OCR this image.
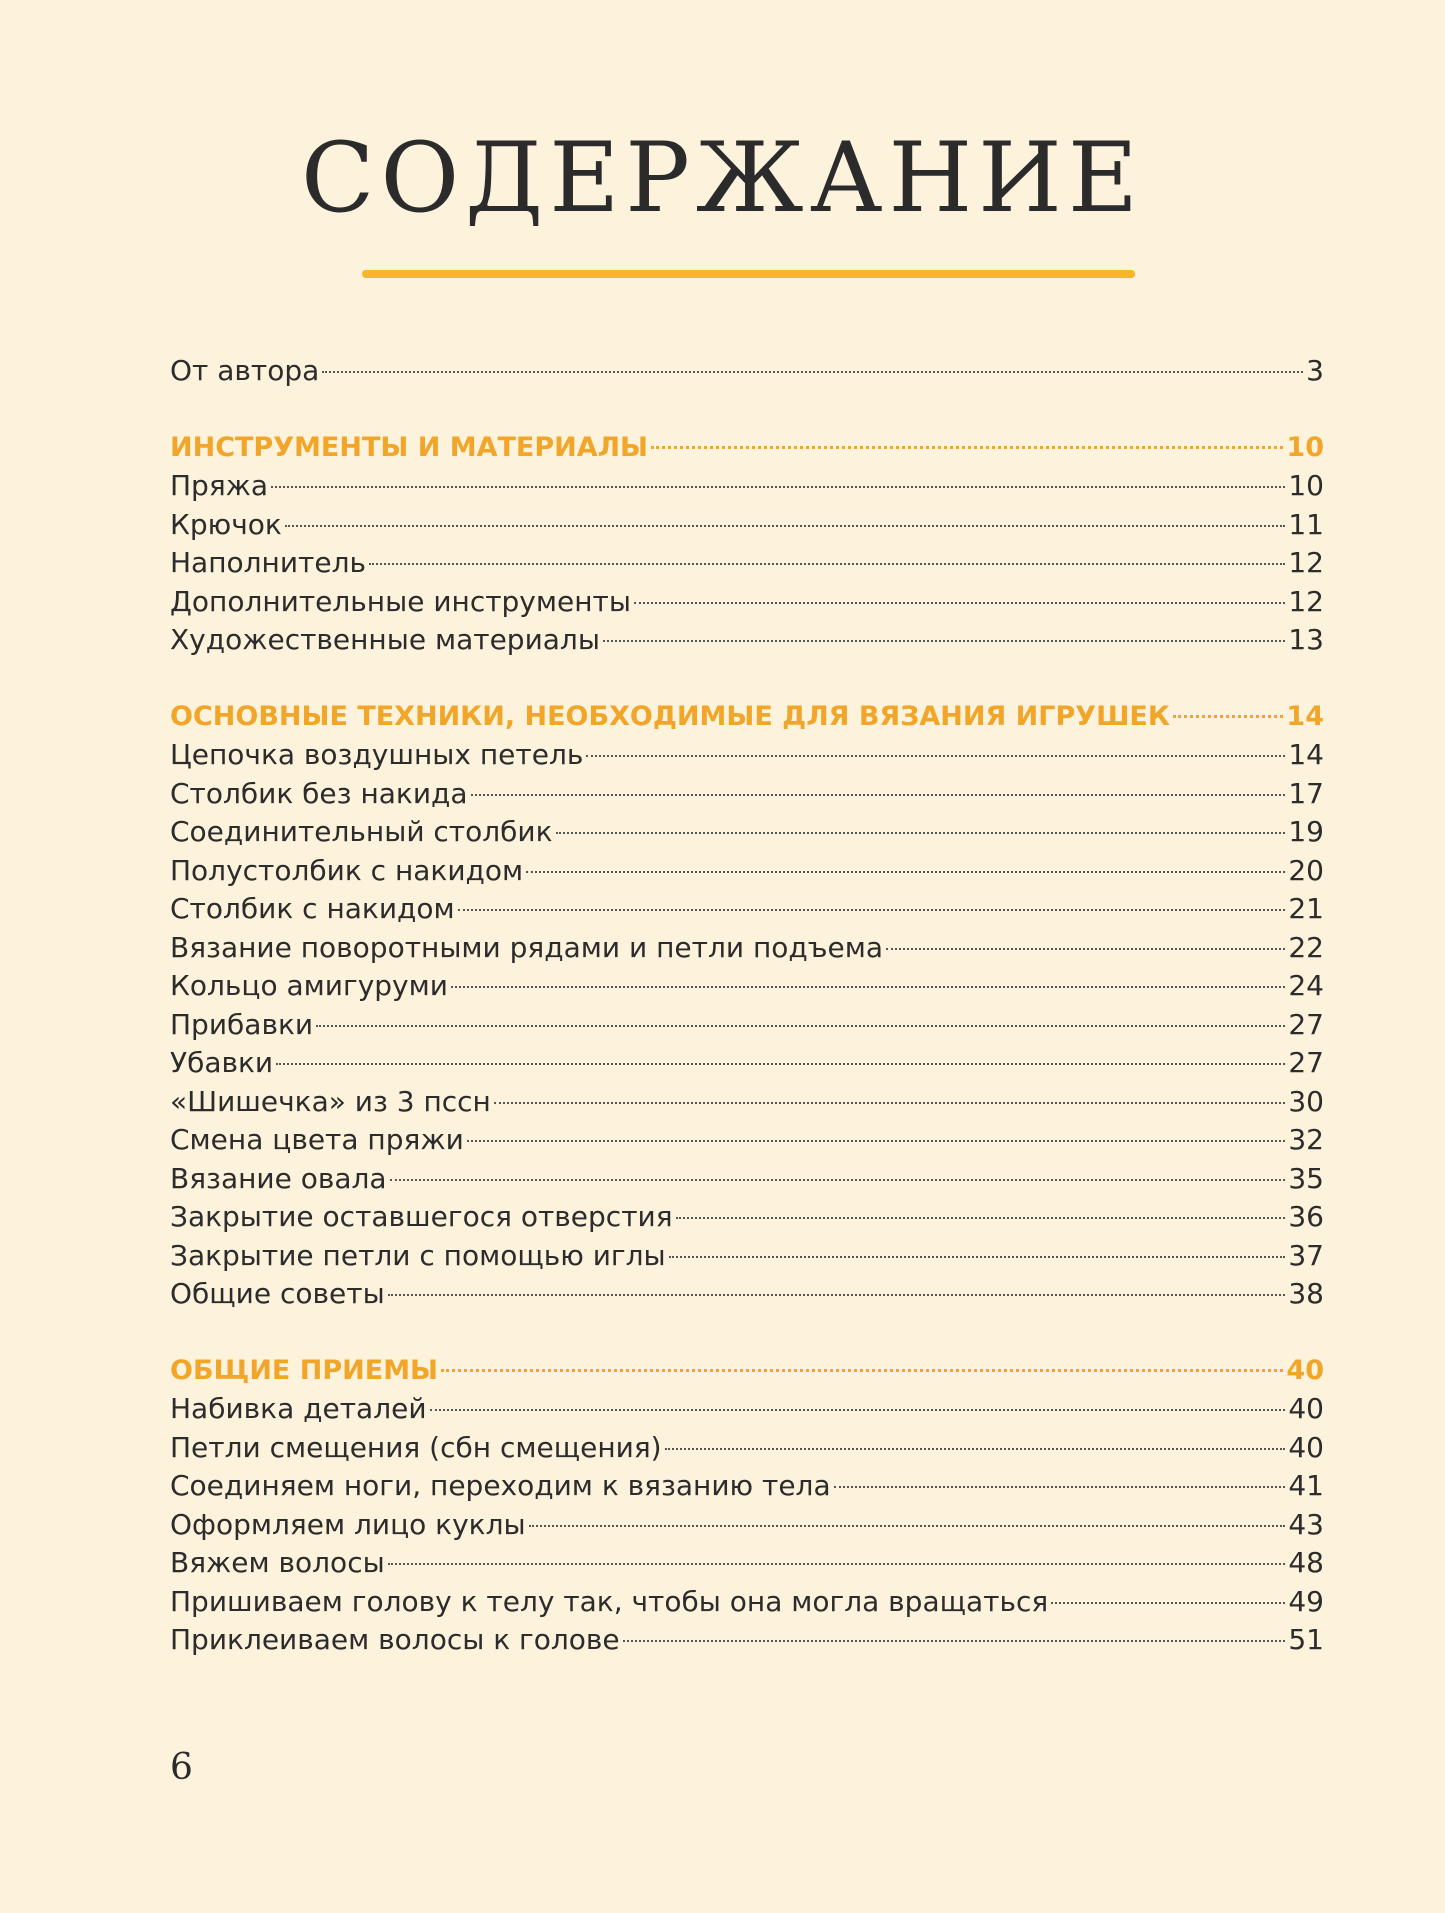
СОДЕРЖАНИЕ
От автора	3
ИНСТРУМЕНТЫ И МАТЕРИАЛЫ	10
Пряжа	10
Крючок	11
Наполнитель	12
Дополнительные инструменты	12
Художественные материалы	13
ОСНОВНЫЕ ТЕХНИКИ, НЕОБХОДИМЫЕ ДЛЯ ВЯЗАНИЯ ИГРУШЕК	14
Цепочка воздушных петель	14
Столбик без накида	17
Соединительный столбик	19
Полустолбик с накидом	20
Столбик с накидом	21
Вязание поворотными рядами и петли подъема	22
Кольцо амигуруми	24
Прибавки	27
Убавки	27
«Шишечка» из 3 пссн	30
Смена цвета пряжи	32
Вязание овала	35
Закрытие оставшегося отверстия	36
Закрытие петли с помощью иглы	37
Общие советы	38
ОБЩИЕ ПРИЕМЫ	40
Набивка деталей	40
Петли смещения (сбн смещения)	40
Соединяем ноги, переходим к вязанию тела	41
Оформляем лицо куклы	43
Вяжем волосы	48
Пришиваем голову к телу так, чтобы она могла вращаться	49
Приклеиваем волосы к голове	51
6
